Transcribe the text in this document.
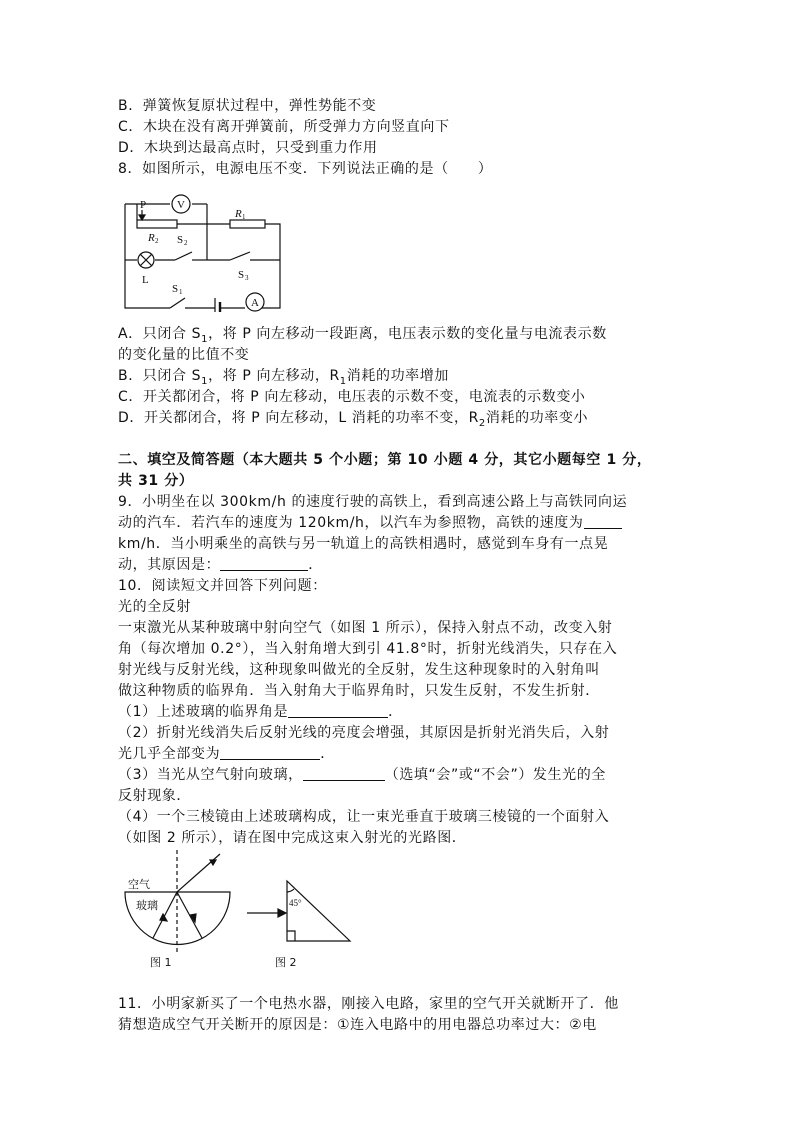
B．弹簧恢复原状过程中，弹性势能不变
C．木块在没有离开弹簧前，所受弹力方向竖直向下
D．木块到达最高点时，只受到重力作用
8．如图所示，电源电压不变．下列说法正确的是（　　）
V
A
P
R 1
R 2 S 2
S 3
L
S 1
A．只闭合 $S_1$，将 P 向左移动一段距离，电压表示数的变化量与电流表示数
的变化量的比值不变
B．只闭合 $S_1$，将 P 向左移动，$R_1$消耗的功率增加
C．开关都闭合，将 P 向左移动，电压表的示数不变，电流表的示数变小
D．开关都闭合，将 P 向左移动，L 消耗的功率不变，$R_2$消耗的功率变小
二、填空及简答题（本大题共 5 个小题；第 10 小题 4 分，其它小题每空 1 分，
共 31 分）
9．小明坐在以 300km/h 的速度行驶的高铁上，看到高速公路上与高铁同向运
动的汽车．若汽车的速度为 120km/h，以汽车为参照物，高铁的速度为
km/h．当小明乘坐的高铁与另一轨道上的高铁相遇时，感觉到车身有一点晃
动，其原因是：	．
10．阅读短文并回答下列问题：
光的全反射
一束激光从某种玻璃中射向空气（如图 1 所示），保持入射点不动，改变入射
角（每次增加 0.2°），当入射角增大到引 41.8°时，折射光线消失，只存在入
射光线与反射光线，这种现象叫做光的全反射，发生这种现象时的入射角叫
做这种物质的临界角．当入射角大于临界角时，只发生反射，不发生折射．
（1）上述玻璃的临界角是	．
（2）折射光线消失后反射光线的亮度会增强，其原因是折射光消失后，入射
光几乎全部变为	．
（3）当光从空气射向玻璃，	（选填“会”或“不会”）发生光的全
反射现象．
（4）一个三棱镜由上述玻璃构成，让一束光垂直于玻璃三棱镜的一个面射入
（如图 2 所示），请在图中完成这束入射光的光路图．
空气
玻璃
图 1
45°
图 2
11．小明家新买了一个电热水器，刚接入电路，家里的空气开关就断开了．他
猜想造成空气开关断开的原因是：①连入电路中的用电器总功率过大：②电
